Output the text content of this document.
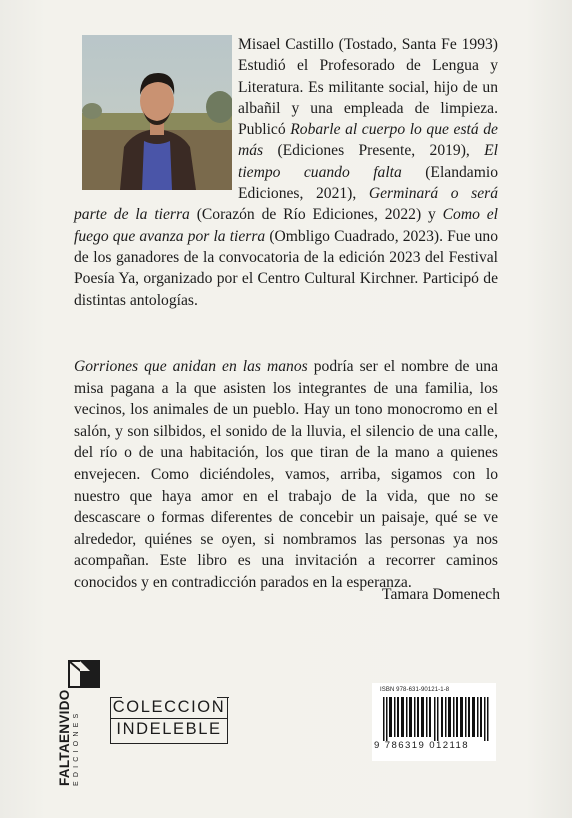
Misael Castillo (Tostado, Santa Fe 1993) Estudió el Profesorado de Lengua y Literatura. Es militante social, hijo de un albañil y una empleada de limpieza. Publicó Robarle al cuerpo lo que está de más (Ediciones Presente, 2019), El tiempo cuando falta (Elandamio Ediciones, 2021), Germinará o será parte de la tierra (Corazón de Río Ediciones, 2022) y Como el fuego que avanza por la tierra (Ombligo Cuadrado, 2023). Fue uno de los ganadores de la convocatoria de la edición 2023 del Festival Poesía Ya, organizado por el Centro Cultural Kirchner. Participó de distintas antologías.
Gorriones que anidan en las manos podría ser el nombre de una misa pagana a la que asisten los integrantes de una familia, los vecinos, los animales de un pueblo. Hay un tono monocromo en el salón, y son silbidos, el sonido de la lluvia, el silencio de una calle, del río o de una habitación, los que tiran de la mano a quienes envejecen. Como diciéndoles, vamos, arriba, sigamos con lo nuestro que haya amor en el trabajo de la vida, que no se descascare o formas diferentes de concebir un paisaje, qué se ve alrededor, quiénes se oyen, si nombramos las personas ya nos acompañan. Este libro es una invitación a recorrer caminos conocidos y en contradicción parados en la esperanza.
Tamara Domenech
FALTAENVIDO EDICIONES
COLECCION
INDELEBLE
ISBN 978-631-90121-1-8
9 786319 012118
